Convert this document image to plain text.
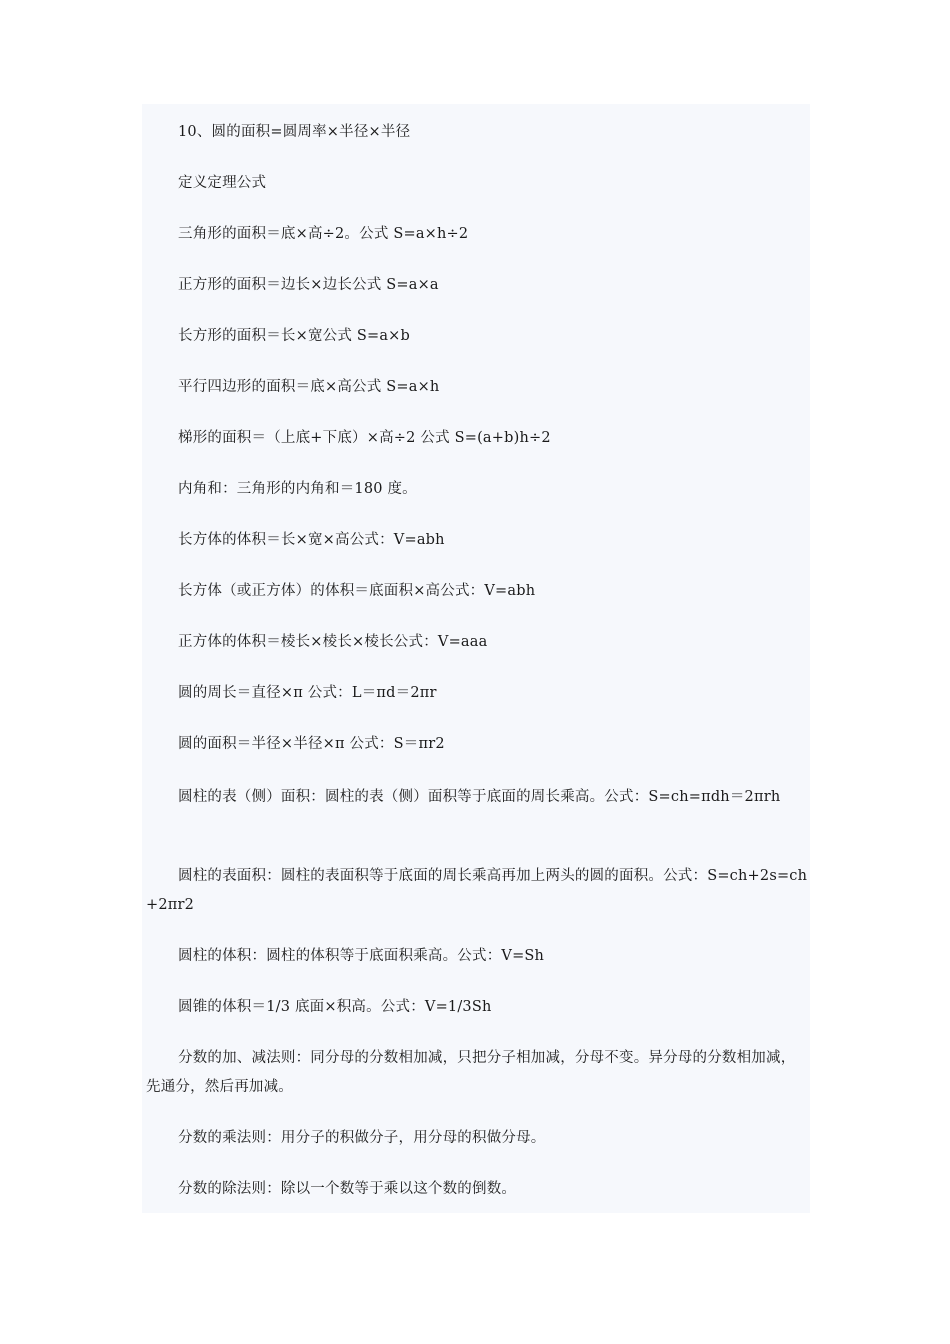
10、圆的面积=圆周率×半径×半径

定义定理公式

三角形的面积＝底×高÷2。公式 S=a×h÷2

正方形的面积＝边长×边长公式 S=a×a

长方形的面积＝长×宽公式 S=a×b

平行四边形的面积＝底×高公式 S=a×h

梯形的面积＝（上底+下底）×高÷2 公式 S=(a+b)h÷2

内角和：三角形的内角和＝180 度。

长方体的体积＝长×宽×高公式：V=abh

长方体（或正方体）的体积＝底面积×高公式：V=abh

正方体的体积＝棱长×棱长×棱长公式：V=aaa

圆的周长＝直径×π 公式：L＝πd＝2πr

圆的面积＝半径×半径×π 公式：S＝πr2

圆柱的表（侧）面积：圆柱的表（侧）面积等于底面的周长乘高。公式：S=ch=πdh＝2πrh

圆柱的表面积：圆柱的表面积等于底面的周长乘高再加上两头的圆的面积。公式：S=ch+2s=ch+2πr2

圆柱的体积：圆柱的体积等于底面积乘高。公式：V=Sh

圆锥的体积＝1/3 底面×积高。公式：V=1/3Sh

分数的加、减法则：同分母的分数相加减，只把分子相加减，分母不变。异分母的分数相加减，先通分，然后再加减。

分数的乘法则：用分子的积做分子，用分母的积做分母。

分数的除法则：除以一个数等于乘以这个数的倒数。
